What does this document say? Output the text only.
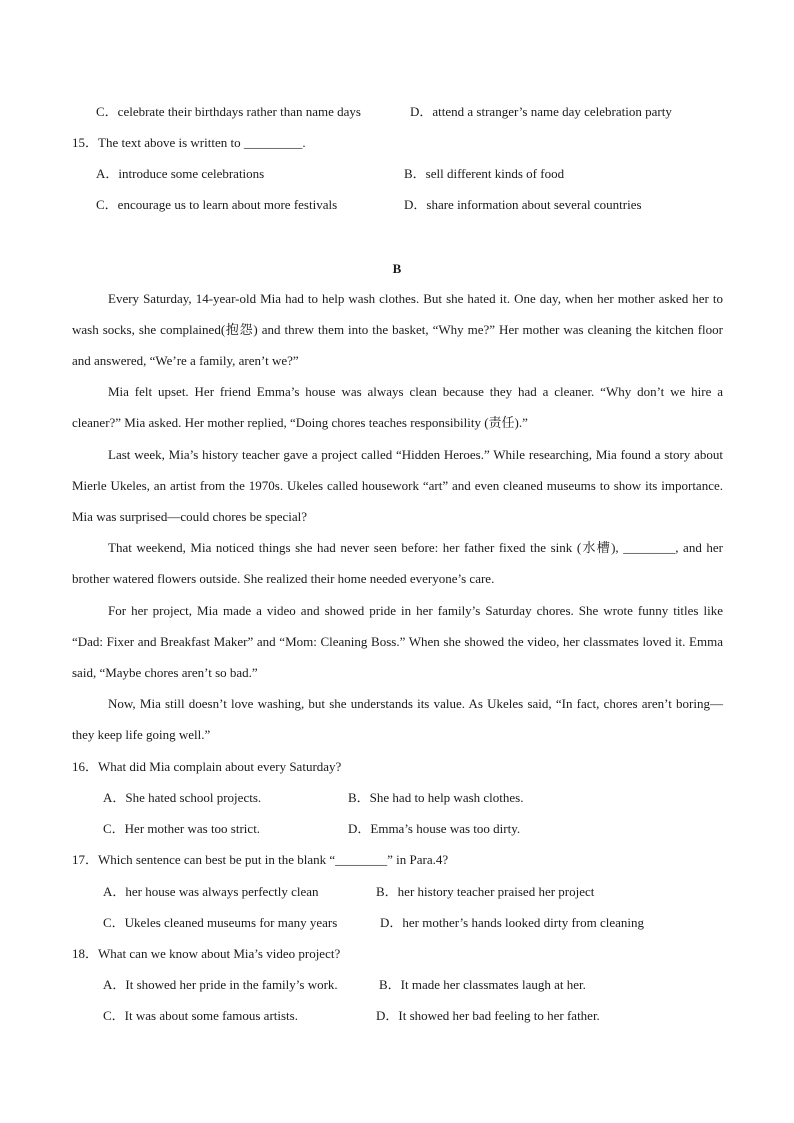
C．celebrate their birthdays rather than name days	D．attend a stranger’s name day celebration party
15．The text above is written to _________.
A．introduce some celebrations	B．sell different kinds of food
C．encourage us to learn about more festivals	D．share information about several countries
B
Every Saturday, 14-year-old Mia had to help wash clothes. But she hated it. One day, when her mother asked her to wash socks, she complained(抱怨) and threw them into the basket, “Why me?” Her mother was cleaning the kitchen floor and answered, “We’re a family, aren’t we?”
Mia felt upset. Her friend Emma’s house was always clean because they had a cleaner. “Why don’t we hire a cleaner?” Mia asked. Her mother replied, “Doing chores teaches responsibility (责任).”
Last week, Mia’s history teacher gave a project called “Hidden Heroes.” While researching, Mia found a story about Mierle Ukeles, an artist from the 1970s. Ukeles called housework “art” and even cleaned museums to show its importance. Mia was surprised—could chores be special?
That weekend, Mia noticed things she had never seen before: her father fixed the sink (水槽), ________, and her brother watered flowers outside. She realized their home needed everyone’s care.
For her project, Mia made a video and showed pride in her family’s Saturday chores. She wrote funny titles like “Dad: Fixer and Breakfast Maker” and “Mom: Cleaning Boss.” When she showed the video, her classmates loved it. Emma said, “Maybe chores aren’t so bad.”
Now, Mia still doesn’t love washing, but she understands its value. As Ukeles said, “In fact, chores aren’t boring—they keep life going well.”
16．What did Mia complain about every Saturday?
A．She hated school projects.	B．She had to help wash clothes.
C．Her mother was too strict.	D．Emma’s house was too dirty.
17．Which sentence can best be put in the blank “________” in Para.4?
A．her house was always perfectly clean	B．her history teacher praised her project
C．Ukeles cleaned museums for many years	D．her mother’s hands looked dirty from cleaning
18．What can we know about Mia’s video project?
A．It showed her pride in the family’s work.	B．It made her classmates laugh at her.
C．It was about some famous artists.	D．It showed her bad feeling to her father.
